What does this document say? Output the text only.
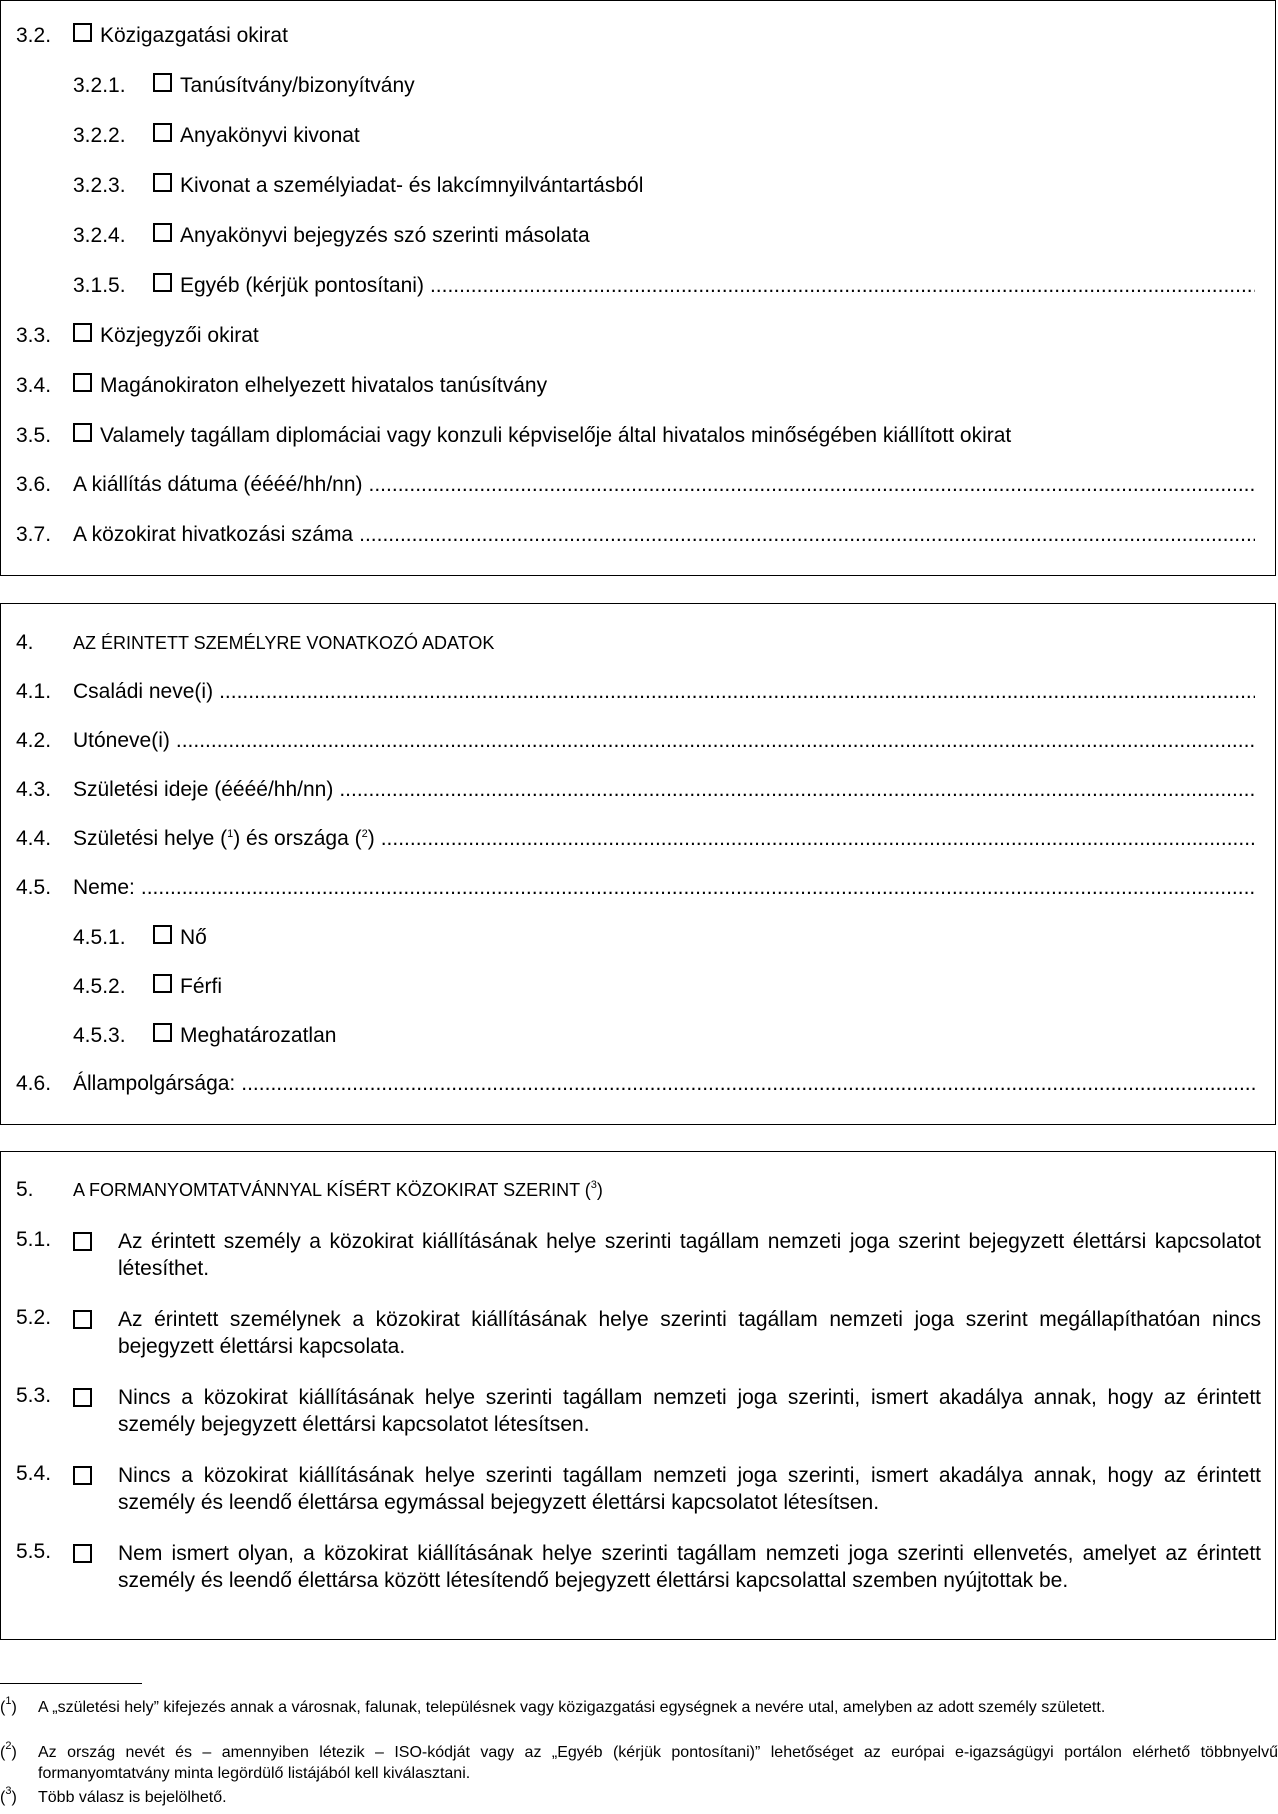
3.2.	Közigazgatási okirat
3.2.1.	Tanúsítvány/bizonyítvány
3.2.2.	Anyakönyvi kivonat
3.2.3.	Kivonat a személyiadat- és lakcímnyilvántartásból
3.2.4.	Anyakönyvi bejegyzés szó szerinti másolata
3.1.5.	Egyéb (kérjük pontosítani)
.....
3.3.	Közjegyzői okirat
3.4.	Magánokiraton elhelyezett hivatalos tanúsítvány
3.5.	Valamely tagállam diplomáciai vagy konzuli képviselője által hivatalos minőségében kiállított okirat
3.6.	A kiállítás dátuma (éééé/hh/nn)
.....
3.7.	A közokirat hivatkozási száma
.....
4.	AZ ÉRINTETT SZEMÉLYRE VONATKOZÓ ADATOK
4.1.	Családi neve(i)
.....
4.2.	Utóneve(i)
.....
4.3.	Születési ideje (éééé/hh/nn)
.....
4.4.	Születési helye ($^1$) és országa ($^2$)
.....
4.5.	Neme:
.....
4.5.1.	Nő
4.5.2.	Férfi
4.5.3.	Meghatározatlan
4.6.	Állampolgársága:
.....
5.	A FORMANYOMTATVÁNNYAL KÍSÉRT KÖZOKIRAT SZERINT ($^3$)
5.1.	Az érintett személy a közokirat kiállításának helye szerinti tagállam nemzeti joga szerint bejegyzett élettársi kapcsolatot létesíthet.
5.2.	Az érintett személynek a közokirat kiállításának helye szerinti tagállam nemzeti joga szerint megállapíthatóan nincs bejegyzett élettársi kapcsolata.
5.3.	Nincs a közokirat kiállításának helye szerinti tagállam nemzeti joga szerinti, ismert akadálya annak, hogy az érintett személy bejegyzett élettársi kapcsolatot létesítsen.
5.4.	Nincs a közokirat kiállításának helye szerinti tagállam nemzeti joga szerinti, ismert akadálya annak, hogy az érintett személy és leendő élettársa egymással bejegyzett élettársi kapcsolatot létesítsen.
5.5.	Nem ismert olyan, a közokirat kiállításának helye szerinti tagállam nemzeti joga szerinti ellenvetés, amelyet az érintett személy és leendő élettársa között létesítendő bejegyzett élettársi kapcsolattal szemben nyújtottak be.
($^1$) A „születési hely” kifejezés annak a városnak, falunak, településnek vagy közigazgatási egységnek a nevére utal, amelyben az adott személy született.
($^2$) Az ország nevét és – amennyiben létezik – ISO-kódját vagy az „Egyéb (kérjük pontosítani)” lehetőséget az európai e-igazságügyi portálon elérhető többnyelvű formanyomtatvány minta legördülő listájából kell kiválasztani.
($^3$) Több válasz is bejelölhető.
